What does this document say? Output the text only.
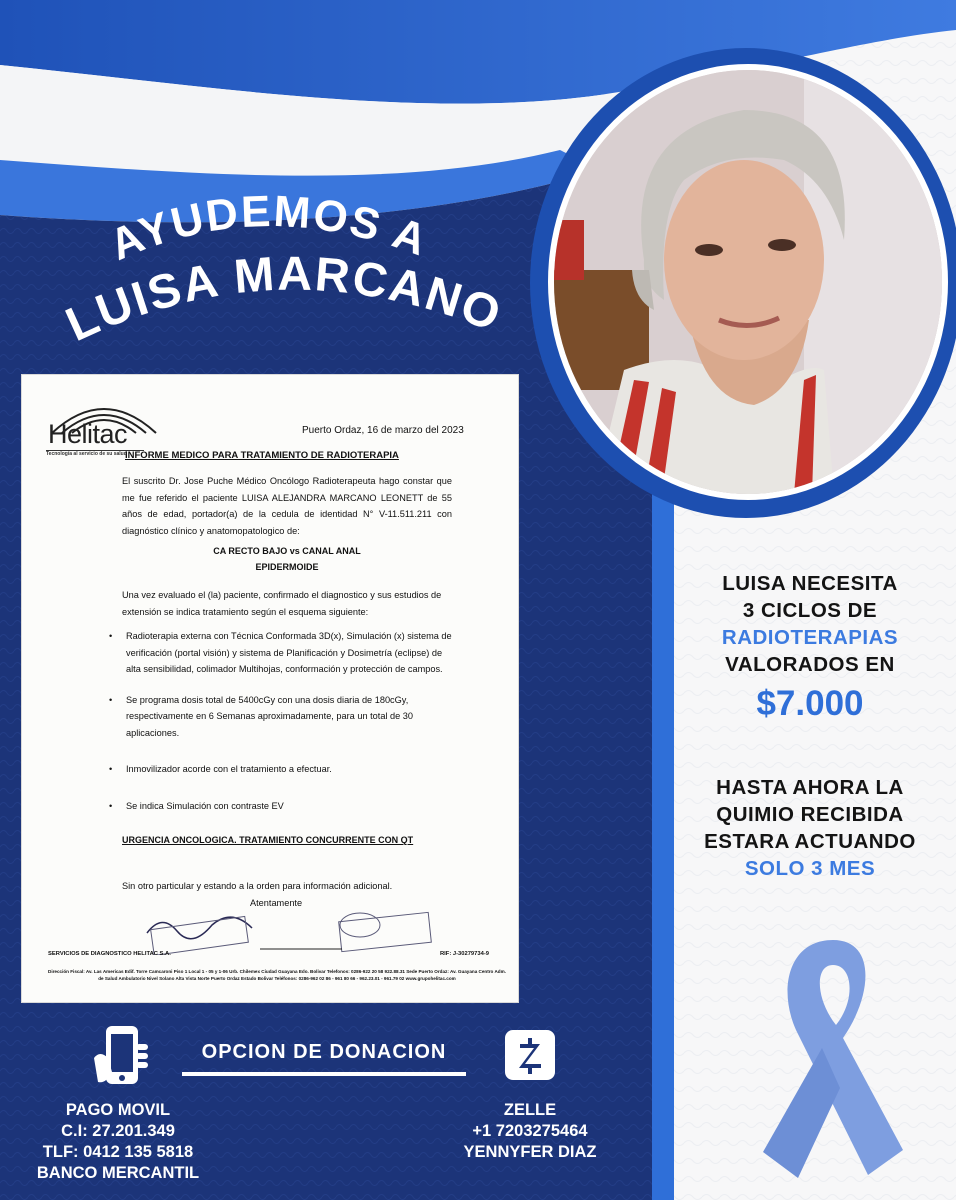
AYUDEMOS A
LUISA MARCANO
Helitac
Tecnología al servicio de su salud
Puerto Ordaz, 16 de marzo del 2023
INFORME MEDICO PARA TRATAMIENTO DE RADIOTERAPIA
El suscrito Dr. Jose Puche Médico Oncólogo Radioterapeuta hago constar que me fue referido el paciente LUISA ALEJANDRA MARCANO LEONETT de 55 años de edad, portador(a) de la cedula de identidad N° V-11.511.211 con diagnóstico clínico y anatomopatologico de:
CA RECTO BAJO vs CANAL ANAL
EPIDERMOIDE
Una vez evaluado el (la) paciente, confirmado el diagnostico y sus estudios de extensión se indica tratamiento según el esquema siguiente:
• Radioterapia externa con Técnica Conformada 3D(x), Simulación (x) sistema de verificación (portal visión) y sistema de Planificación y Dosimetría (eclipse) de alta sensibilidad, colimador Multihojas, conformación y protección de campos.
• Se programa dosis total de 5400cGy con una dosis diaria de 180cGy, respectivamente en 6 Semanas aproximadamente, para un total de 30 aplicaciones.
• Inmovilizador acorde con el tratamiento a efectuar.
• Se indica Simulación con contraste EV
URGENCIA ONCOLOGICA. TRATAMIENTO CONCURRENTE CON QT
Sin otro particular y estando a la orden para información adicional.
Atentamente
SERVICIOS DE DIAGNOSTICO HELITAC S.A.	RIF: J-30279734-9
Dirección Fiscal: Av. Las Americas Edif. Torre Camcaroni Piso 1 Local 1 - 05 y 1-06 Urb. Chilemex Ciudad Guayana Edo. Bolivar Telefonos: 0286-922 20 58 922.88.31 Sede Puerto Ordaz: Av. Guayana Centro Adm. de Salud Ambulatorio Nivel Solano Alta Vista Norte Puerto Ordaz Estado Bolivar Teléfonos: 0286-962 02 86 - 961 80 66 - 962.23.01 - 961.79 02 www.grupohelitac.com
LUISA NECESITA
3 CICLOS DE
RADIOTERAPIAS
VALORADOS EN
$7.000
HASTA AHORA LA
QUIMIO RECIBIDA
ESTARA ACTUANDO
SOLO 3 MES
OPCION DE DONACION
PAGO MOVIL
C.I: 27.201.349
TLF: 0412 135 5818
BANCO MERCANTIL
ZELLE
+1 7203275464
YENNYFER DIAZ
